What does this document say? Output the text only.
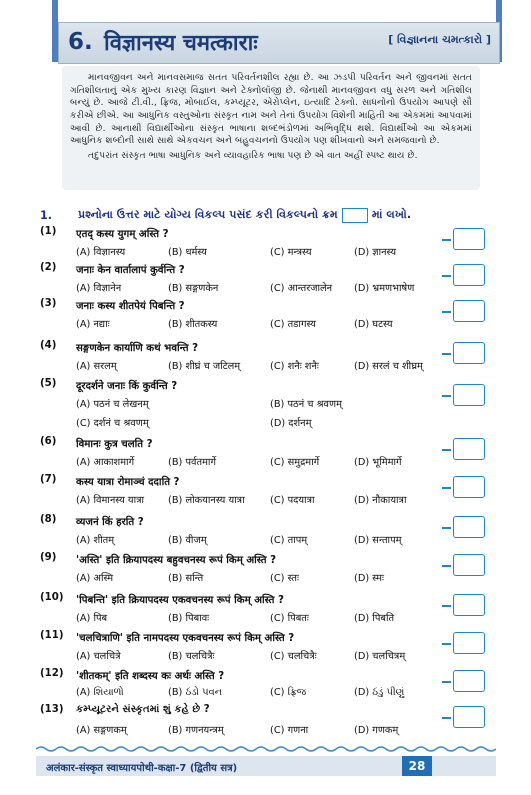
6. विज्ञानस्य चमत्काराः	[ વિજ્ઞાનના ચમત્કારો ]

માનવજીવન અને માનવસમાજ સતત પરિવર્તનશીલ રહ્યા છે. આ ઝડપી પરિવર્તન અને જીવનમાં સતત ગતિશીલતાનું એક મુખ્ય કારણ વિજ્ઞાન અને ટેક્નોલૉજી છે. જેનાથી માનવજીવન વધુ સરળ અને ગતિશીલ બન્યું છે. આજે ટી.વી., ફ્રિજ, મોબાઈલ, કમ્પ્યૂટર, એરોપ્લેન, ઇત્યાદિ ટેક્નો. સાધનોનો ઉપયોગ આપણે સૌ કરીએ છીએ. આ આધુનિક વસ્તુઓના સંસ્કૃત નામ અને તેનાં ઉપયોગ વિશેની માહિતી આ એકમમાં આપવામાં આવી છે. આનાથી વિદ્યાર્થીઓના સંસ્કૃત ભાષાના શબ્દભંડોળમાં અભિવૃદ્ધિ થશે. વિદ્યાર્થીઓ આ એકમમાં આધુનિક શબ્દોની સાથે સાથે એકવચન અને બહુવચનનો ઉપયોગ પણ શીખવાનો અને સમજવાનો છે.

તદુપરાંત સંસ્કૃત ભાષા આધુનિક અને વ્યાવહારિક ભાષા પણ છે એ વાત અહીં સ્પષ્ટ થાય છે.

1.	પ્રશ્નોના ઉત્તર માટે યોગ્ય વિકલ્પ પસંદ કરી વિકલ્પનો ક્રમ	માં લખો.
(1) एतद् कस्य युगम् अस्ति ?
(A) विज्ञानस्य	(B) धर्मस्य	(C) मन्त्रस्य	(D) ज्ञानस्य
(2) जनाः केन वार्तालापं कुर्वन्ति ?
(A) विज्ञानेन	(B) सङ्गणकेन	(C) आन्तरजालेन (D) भ्रमणभाषेण
(3) जनाः कस्य शीतपेयं पिबन्ति ?
(A) नद्याः	(B) शीतकस्य	(C) तडागस्य	(D) घटस्य
(4) सङ्गणकेन कार्याणि कथं भवन्ति ?
(A) सरलम्	(B) शीघ्रं च जटिलम्	(C) शनैः शनैः	(D) सरलं च शीघ्रम्
(5) दूरदर्शने जनाः किं कुर्वन्ति ?
(A) पठनं च लेखनम्	(B) पठनं च श्रवणम्
(C) दर्शनं च श्रवणम्	(D) दर्शनम्
(6) विमानः कुत्र चलति ?
(A) आकाशमार्गे	(B) पर्वतमार्गे	(C) समुद्रमार्गे	(D) भूमिमार्गे
(7) कस्य यात्रा रोमाञ्चं ददाति ?
(A) विमानस्य यात्रा (B) लोकयानस्य यात्रा	(C) पदयात्रा	(D) नौकायात्रा
(8) व्यजनं किं हरति ?
(A) शीतम्	(B) वीजम्	(C) तापम्	(D) सन्तापम्
(9) 'अस्ति' इति क्रियापदस्य बहुवचनस्य रूपं किम् अस्ति ?
(A) अस्मि	(B) सन्ति	(C) स्तः	(D) स्मः
(10) 'पिबन्ति' इति क्रियापदस्य एकवचनस्य रूपं किम् अस्ति ?
(A) पिब	(B) पिबावः	(C) पिबतः	(D) पिबति
(11) 'चलचित्राणि' इति नामपदस्य एकवचनस्य रूपं किम् अस्ति ?
(A) चलचित्रे	(B) चलचित्रैः	(C) चलचित्रैः	(D) चलचित्रम्
(12) 'शीतकम्' इति शब्दस्य कः अर्थः अस्ति ?
(A) શિયાળો	(B) ઠંડો પવન	(C) ફ્રિજ	(D) ઠંડું પીણું
(13) કમ્પ્યૂટરને સંસ્કૃતમાં શું કહે છે ?
(A) सङ्गणकम्	(B) गणनयन्त्रम्	(C) गणना	(D) गणकम्
अलंकार-संस्कृत स्वाध्यायपोथी-कक्षा-7 (द्वितीय सत्र)	28
